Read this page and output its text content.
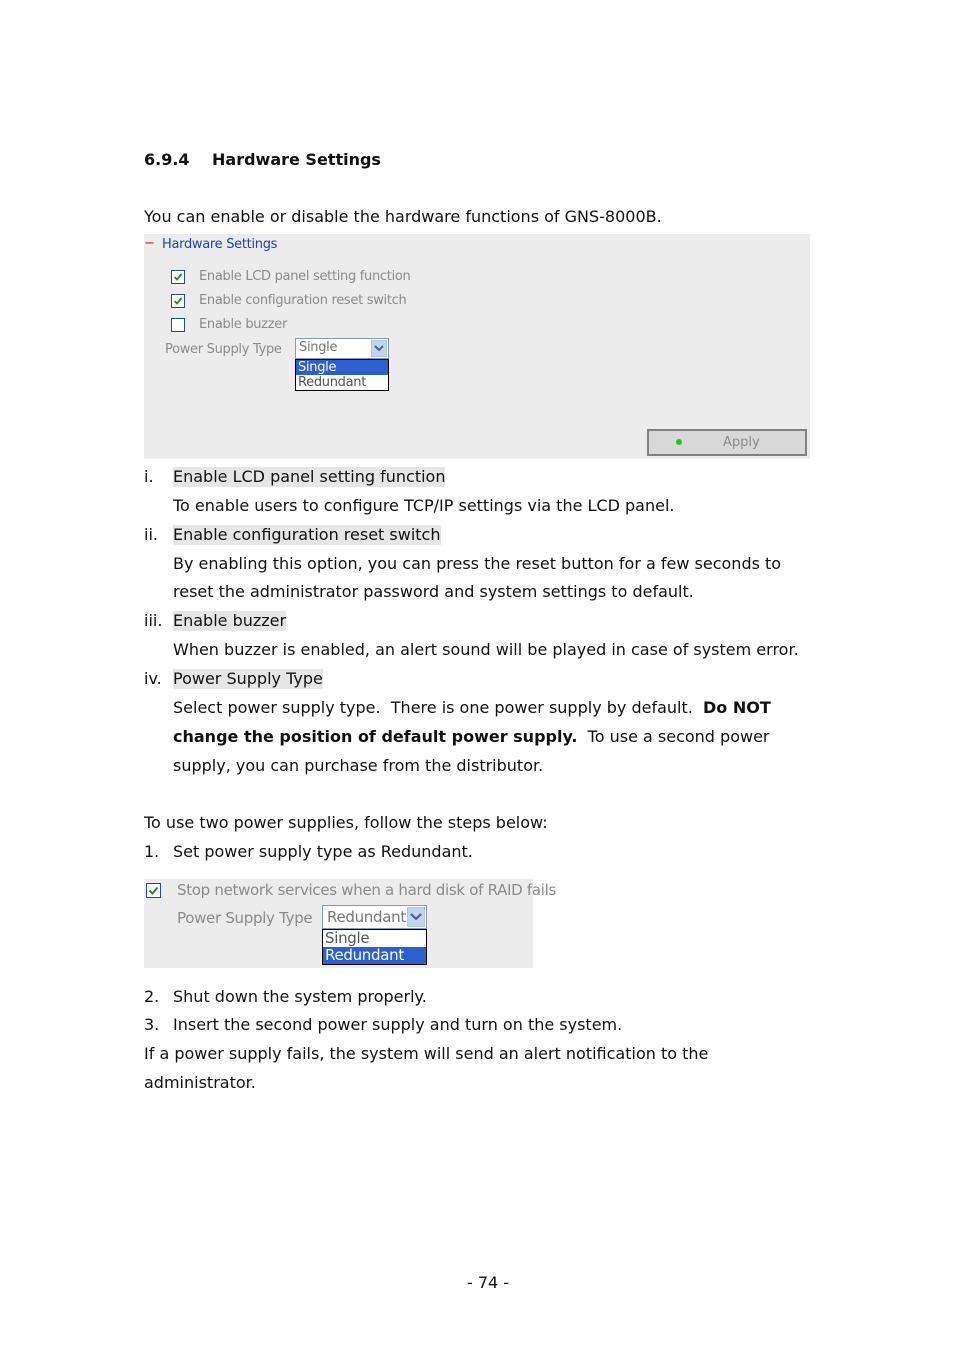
6.9.4 Hardware Settings
You can enable or disable the hardware functions of GNS-8000B.
− Hardware Settings
Enable LCD panel setting function
Enable configuration reset switch
Enable buzzer
Power Supply Type Single
Single
Redundant
Apply
i. Enable LCD panel setting function
To enable users to configure TCP/IP settings via the LCD panel.
ii. Enable configuration reset switch
By enabling this option, you can press the reset button for a few seconds to
reset the administrator password and system settings to default.
iii. Enable buzzer
When buzzer is enabled, an alert sound will be played in case of system error.
iv. Power Supply Type
Select power supply type.  There is one power supply by default.  Do NOT
change the position of default power supply.  To use a second power
supply, you can purchase from the distributor.
To use two power supplies, follow the steps below:
1. Set power supply type as Redundant.
Stop network services when a hard disk of RAID fails
Power Supply Type Redundant
Single
Redundant
2. Shut down the system properly.
3. Insert the second power supply and turn on the system.
If a power supply fails, the system will send an alert notification to the
administrator.
- 74 -
